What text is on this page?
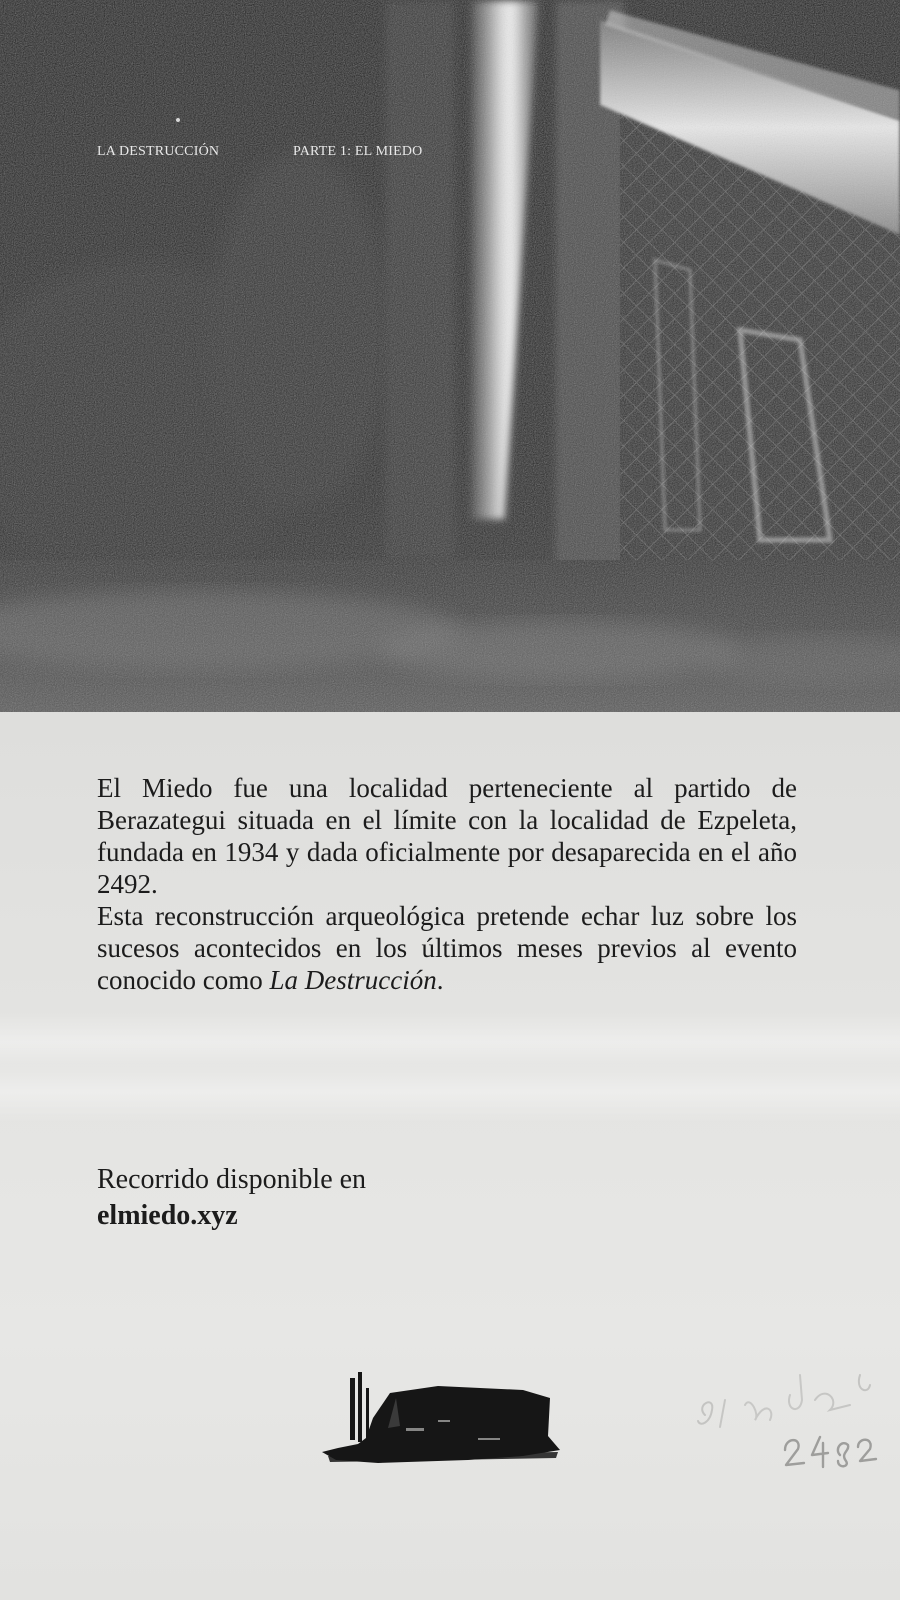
LA DESTRUCCIÓN	PARTE 1: EL MIEDO

El Miedo fue una localidad perteneciente al partido de Berazategui situada en el límite con la localidad de Ezpeleta, fundada en 1934 y dada oficialmente por desaparecida en el año 2492.

Esta reconstrucción arqueológica pretende echar luz sobre los sucesos acontecidos en los últimos meses previos al evento conocido como La Destrucción.

Recorrido disponible en
elmiedo.xyz
